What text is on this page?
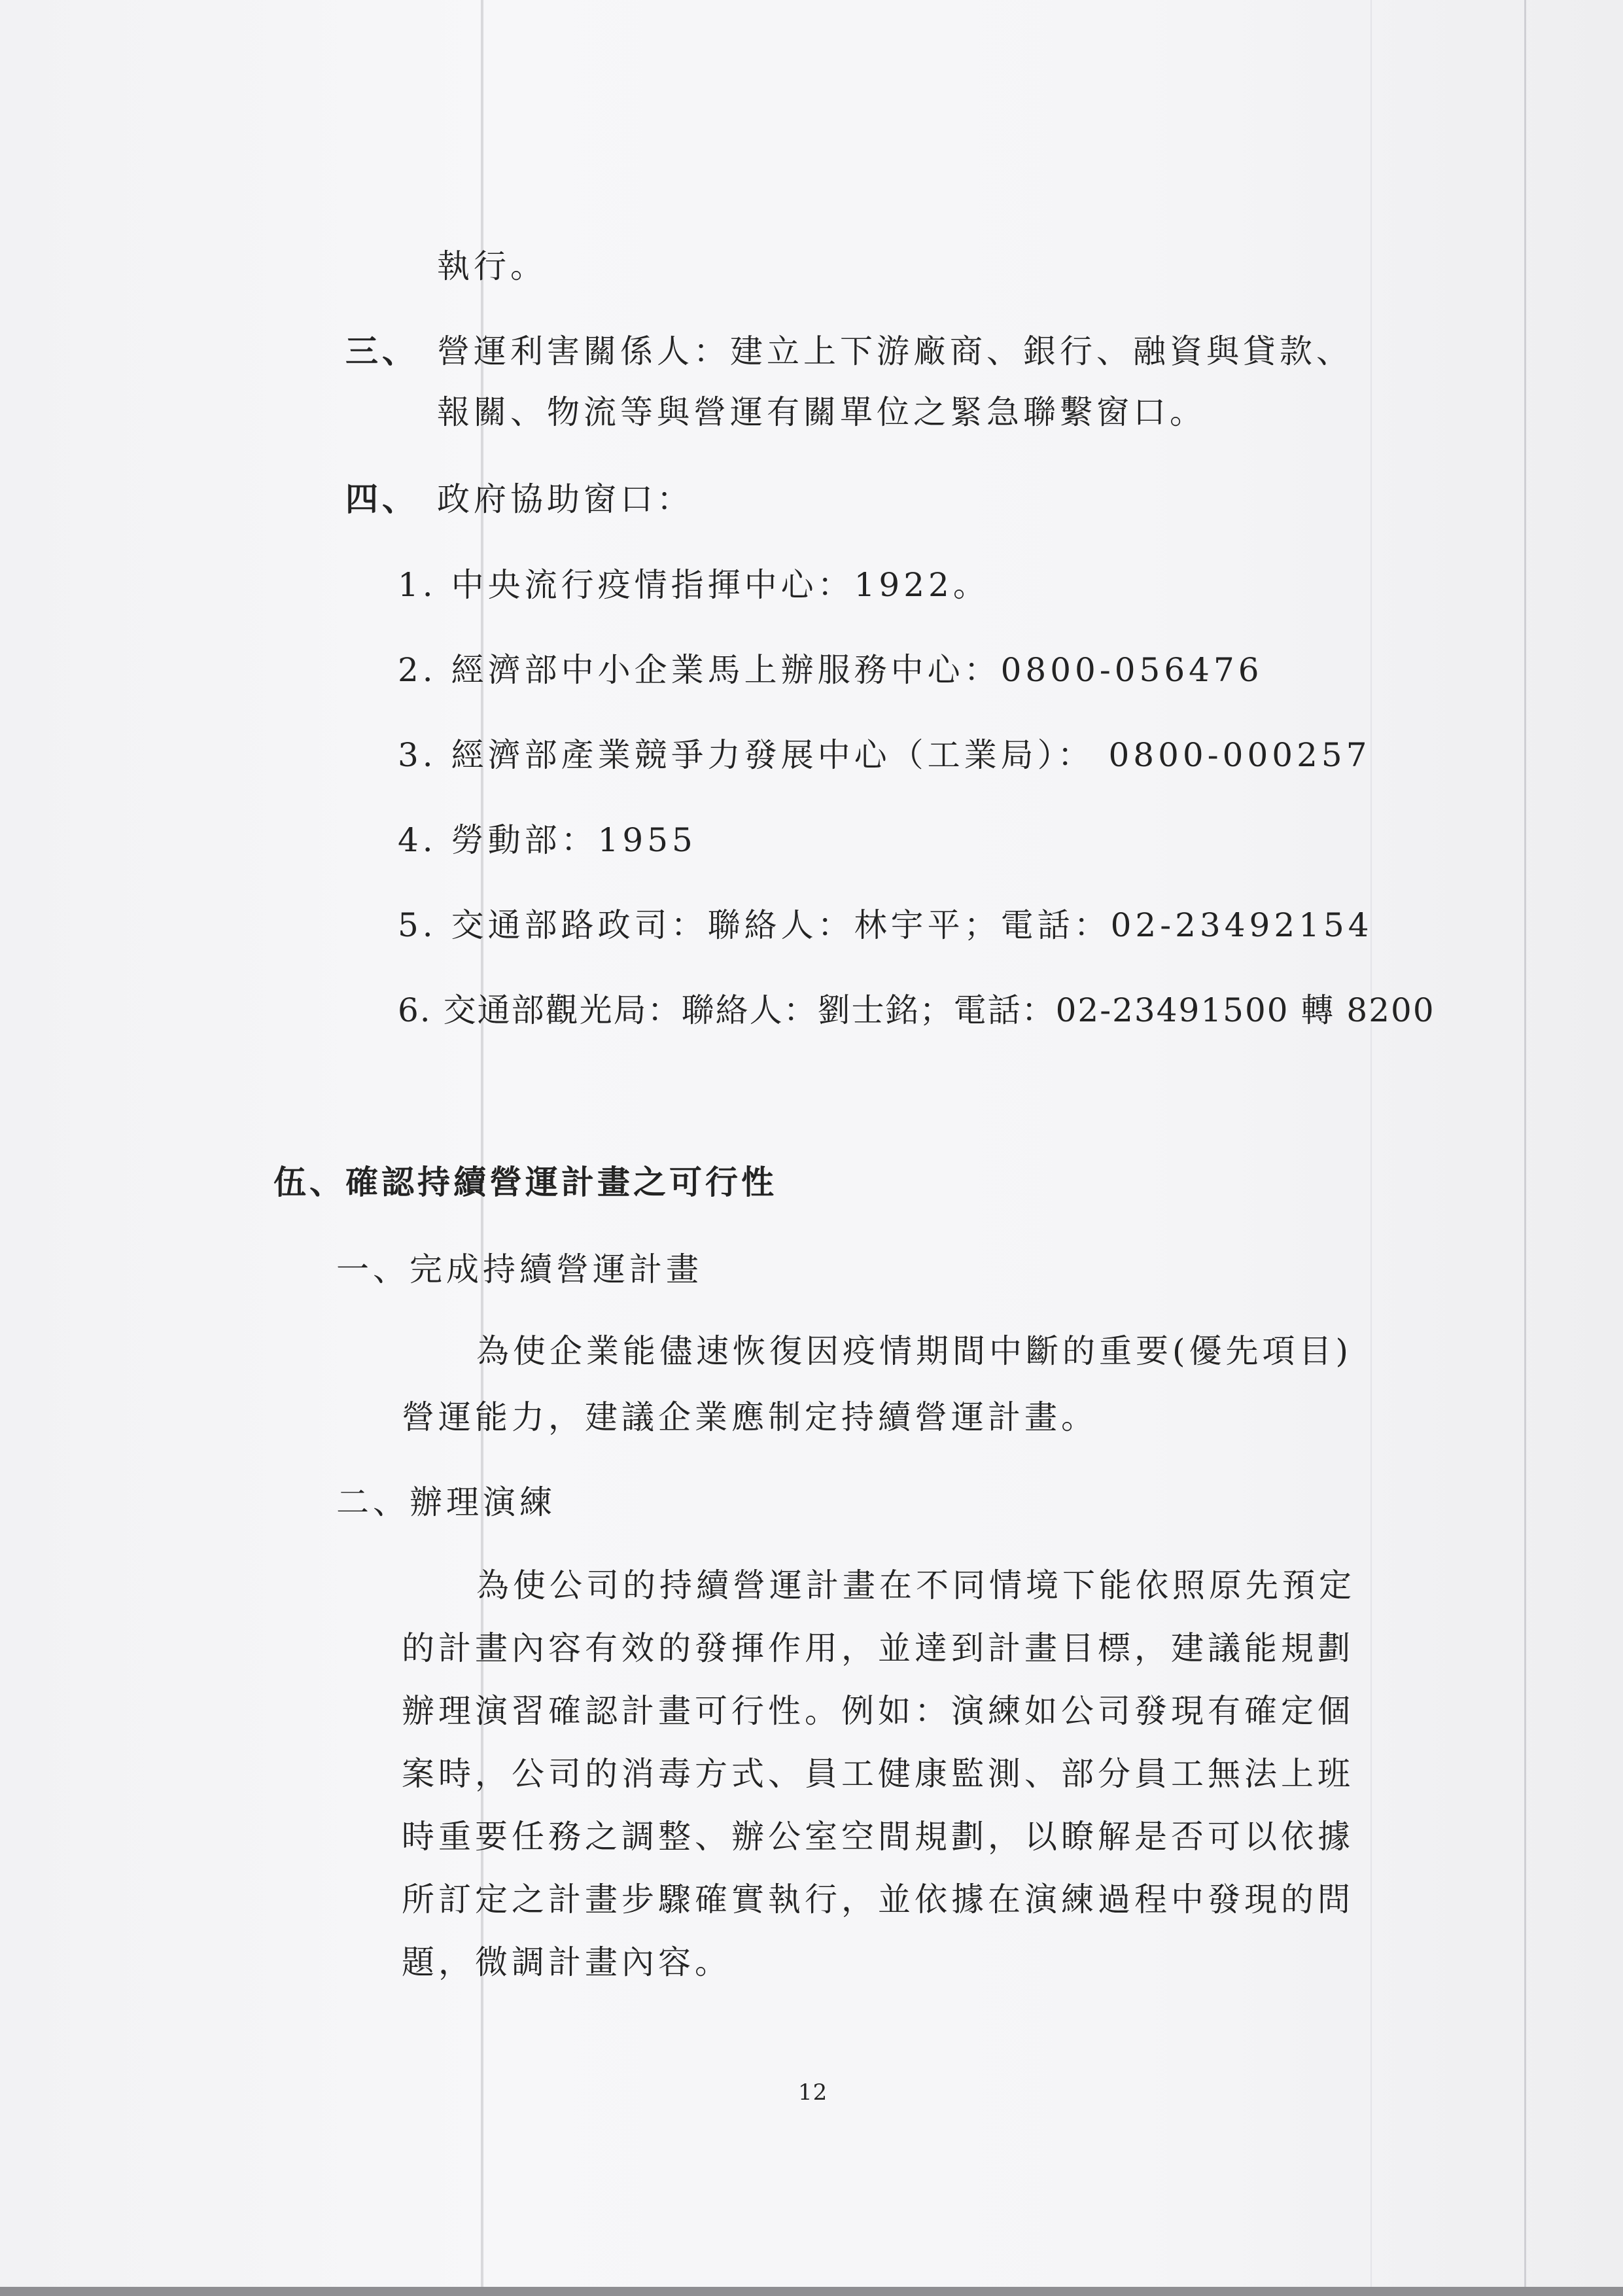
執行。
三、 營運利害關係人：建立上下游廠商、銀行、融資與貸款、
報關、物流等與營運有關單位之緊急聯繫窗口。
四、 政府協助窗口：
1. 中央流行疫情指揮中心：1922。
2. 經濟部中小企業馬上辦服務中心：0800-056476
3. 經濟部產業競爭力發展中心（工業局）： 0800-000257
4. 勞動部：1955
5. 交通部路政司：聯絡人：林宇平；電話：02-23492154
6. 交通部觀光局：聯絡人：劉士銘；電話：02-23491500 轉 8200
伍、確認持續營運計畫之可行性
一、完成持續營運計畫
為使企業能儘速恢復因疫情期間中斷的重要(優先項目)
營運能力，建議企業應制定持續營運計畫。
二、辦理演練
為使公司的持續營運計畫在不同情境下能依照原先預定
的計畫內容有效的發揮作用，並達到計畫目標，建議能規劃
辦理演習確認計畫可行性。例如：演練如公司發現有確定個
案時，公司的消毒方式、員工健康監測、部分員工無法上班
時重要任務之調整、辦公室空間規劃，以瞭解是否可以依據
所訂定之計畫步驟確實執行，並依據在演練過程中發現的問
題，微調計畫內容。
12
